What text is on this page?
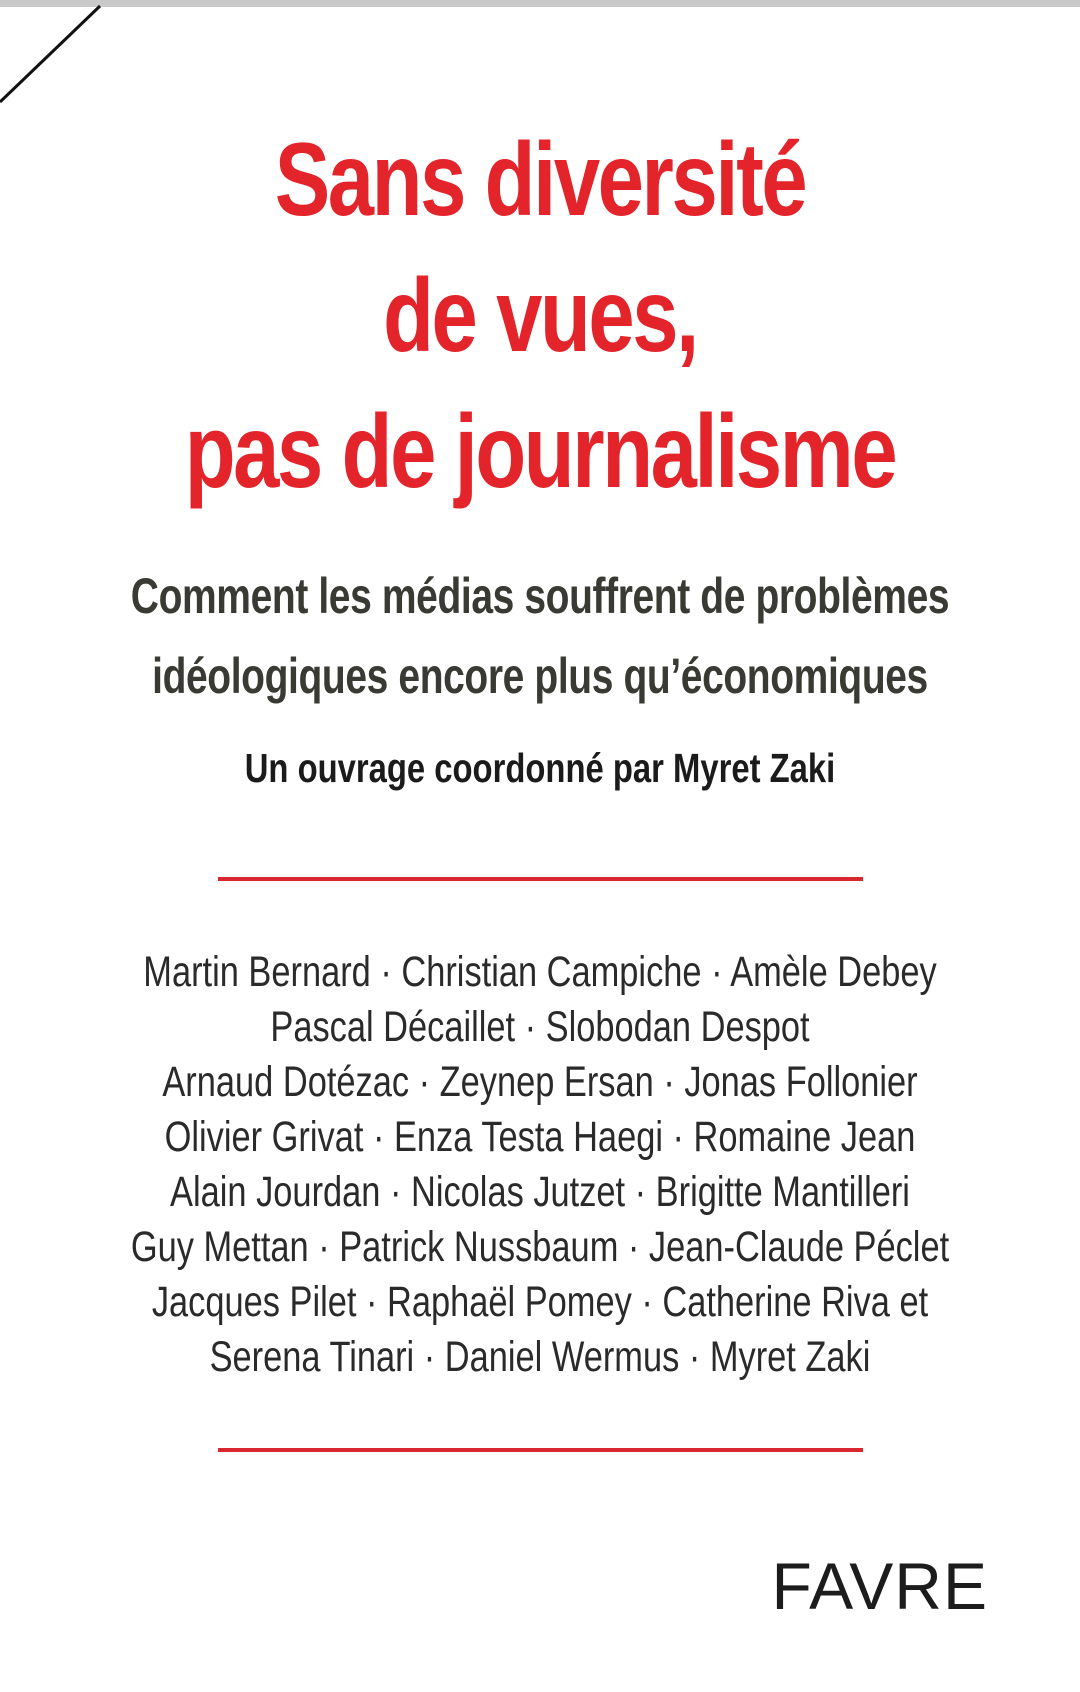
Sans diversité
de vues,
pas de journalisme
Comment les médias souffrent de problèmes
idéologiques encore plus qu’économiques
Un ouvrage coordonné par Myret Zaki
Martin Bernard · Christian Campiche · Amèle Debey
Pascal Décaillet · Slobodan Despot
Arnaud Dotézac · Zeynep Ersan · Jonas Follonier
Olivier Grivat · Enza Testa Haegi · Romaine Jean
Alain Jourdan · Nicolas Jutzet · Brigitte Mantilleri
Guy Mettan · Patrick Nussbaum · Jean-Claude Péclet
Jacques Pilet · Raphaël Pomey · Catherine Riva et
Serena Tinari · Daniel Wermus · Myret Zaki
FAVRE
